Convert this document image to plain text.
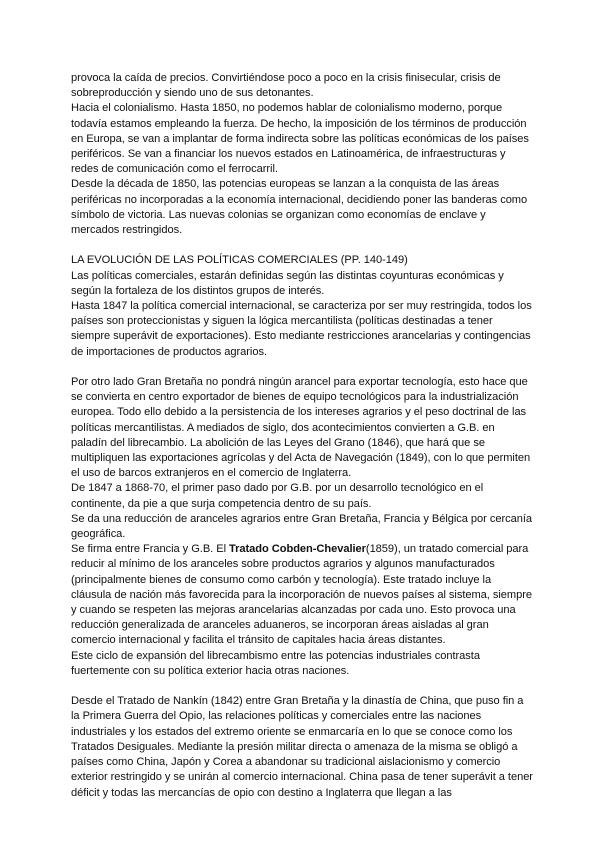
provoca la caída de precios. Convirtiéndose poco a poco en la crisis finisecular, crisis de sobreproducción y siendo uno de sus detonantes.

Hacia el colonialismo. Hasta 1850, no podemos hablar de colonialismo moderno, porque todavía estamos empleando la fuerza. De hecho, la imposición de los términos de producción en Europa, se van a implantar de forma indirecta sobre las políticas económicas de los países periféricos. Se van a financiar los nuevos estados en Latinoamérica, de infraestructuras y redes de comunicación como el ferrocarril.

Desde la década de 1850, las potencias europeas se lanzan a la conquista de las áreas periféricas no incorporadas a la economía internacional, decidiendo poner las banderas como símbolo de victoria. Las nuevas colonias se organizan como economías de enclave y mercados restringidos.

LA EVOLUCIÓN DE LAS POLÍTICAS COMERCIALES (PP. 140-149)

Las políticas comerciales, estarán definidas según las distintas coyunturas económicas y según la fortaleza de los distintos grupos de interés.

Hasta 1847 la política comercial internacional, se caracteriza por ser muy restringida, todos los países son proteccionistas y siguen la lógica mercantilista (políticas destinadas a tener siempre superávit de exportaciones). Esto mediante restricciones arancelarias y contingencias de importaciones de productos agrarios.

Por otro lado Gran Bretaña no pondrá ningún arancel para exportar tecnología, esto hace que se convierta en centro exportador de bienes de equipo tecnológicos para la industrialización europea. Todo ello debido a la persistencia de los intereses agrarios y el peso doctrinal de las políticas mercantilistas. A mediados de siglo, dos acontecimientos convierten a G.B. en paladín del librecambio. La abolición de las Leyes del Grano (1846), que hará que se multipliquen las exportaciones agrícolas y del Acta de Navegación (1849), con lo que permiten el uso de barcos extranjeros en el comercio de Inglaterra.

De 1847 a 1868-70, el primer paso dado por G.B. por un desarrollo tecnológico en el continente, da pie a que surja competencia dentro de su país.

Se da una reducción de aranceles agrarios entre Gran Bretaña, Francia y Bélgica por cercanía geográfica.

Se firma entre Francia y G.B. El Tratado Cobden-Chevalier(1859), un tratado comercial para reducir al mínimo de los aranceles sobre productos agrarios y algunos manufacturados (principalmente bienes de consumo como carbón y tecnología). Este tratado incluye la cláusula de nación más favorecida para la incorporación de nuevos países al sistema, siempre y cuando se respeten las mejoras arancelarias alcanzadas por cada uno. Esto provoca una reducción generalizada de aranceles aduaneros, se incorporan áreas aisladas al gran comercio internacional y facilita el tránsito de capitales hacia áreas distantes.

Este ciclo de expansión del librecambismo entre las potencias industriales contrasta fuertemente con su política exterior hacia otras naciones.

Desde el Tratado de Nankín (1842) entre Gran Bretaña y la dinastía de China, que puso fin a la Primera Guerra del Opio, las relaciones políticas y comerciales entre las naciones industriales y los estados del extremo oriente se enmarcaría en lo que se conoce como los Tratados Desiguales. Mediante la presión militar directa o amenaza de la misma se obligó a países como China, Japón y Corea a abandonar su tradicional aislacionismo y comercio exterior restringido y se unirán al comercio internacional. China pasa de tener superávit a tener déficit y todas las mercancías de opio con destino a Inglaterra que llegan a las
